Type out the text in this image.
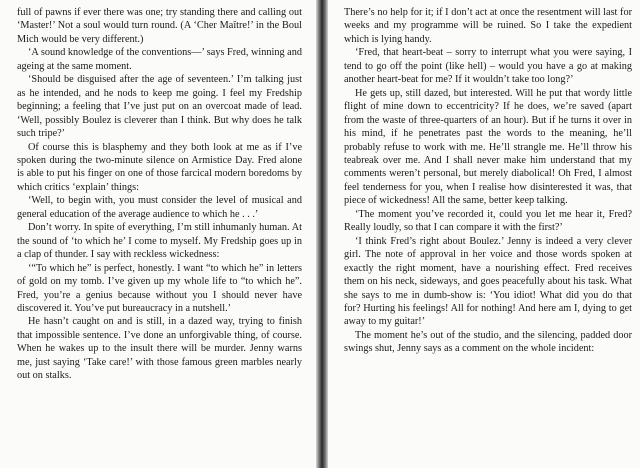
full of pawns if ever there was one; try standing there and calling out ‘Master!’ Not a soul would turn round. (A ‘Cher Maître!’ in the Boul Mich would be very different.)

‘A sound knowledge of the conventions—’ says Fred, winning and ageing at the same moment.

‘Should be disguised after the age of seventeen.’ I’m talking just as he intended, and he nods to keep me going. I feel my Fredship beginning; a feeling that I’ve just put on an overcoat made of lead. ‘Well, possibly Boulez is cleverer than I think. But why does he talk such tripe?’

Of course this is blasphemy and they both look at me as if I’ve spoken during the two-minute silence on Armistice Day. Fred alone is able to put his finger on one of those farcical modern boredoms by which critics ‘explain’ things:

‘Well, to begin with, you must consider the level of musical and general education of the average audience to which he . . .’

Don’t worry. In spite of everything, I’m still inhumanly human. At the sound of ‘to which he’ I come to myself. My Fredship goes up in a clap of thunder. I say with reckless wickedness:

‘“To which he” is perfect, honestly. I want “to which he” in letters of gold on my tomb. I’ve given up my whole life to “to which he”. Fred, you’re a genius because without you I should never have discovered it. You’ve put bureaucracy in a nutshell.’

He hasn’t caught on and is still, in a dazed way, trying to finish that impossible sentence. I’ve done an unforgivable thing, of course. When he wakes up to the insult there will be murder. Jenny warns me, just saying ‘Take care!’ with those famous green marbles nearly out on stalks.

There’s no help for it; if I don’t act at once the resentment will last for weeks and my programme will be ruined. So I take the expedient which is lying handy.

‘Fred, that heart-beat – sorry to interrupt what you were saying, I tend to go off the point (like hell) – would you have a go at making another heart-beat for me? If it wouldn’t take too long?’

He gets up, still dazed, but interested. Will he put that wordy little flight of mine down to eccentricity? If he does, we’re saved (apart from the waste of three-quarters of an hour). But if he turns it over in his mind, if he penetrates past the words to the meaning, he’ll probably refuse to work with me. He’ll strangle me. He’ll throw his teabreak over me. And I shall never make him understand that my comments weren’t personal, but merely diabolical! Oh Fred, I almost feel tenderness for you, when I realise how disinterested it was, that piece of wickedness! All the same, better keep talking.

‘The moment you’ve recorded it, could you let me hear it, Fred? Really loudly, so that I can compare it with the first?’

‘I think Fred’s right about Boulez.’ Jenny is indeed a very clever girl. The note of approval in her voice and those words spoken at exactly the right moment, have a nourishing effect. Fred receives them on his neck, sideways, and goes peacefully about his task. What she says to me in dumb-show is: ‘You idiot! What did you do that for? Hurting his feelings! All for nothing! And here am I, dying to get away to my guitar!’

The moment he’s out of the studio, and the silencing, padded door swings shut, Jenny says as a comment on the whole incident:
